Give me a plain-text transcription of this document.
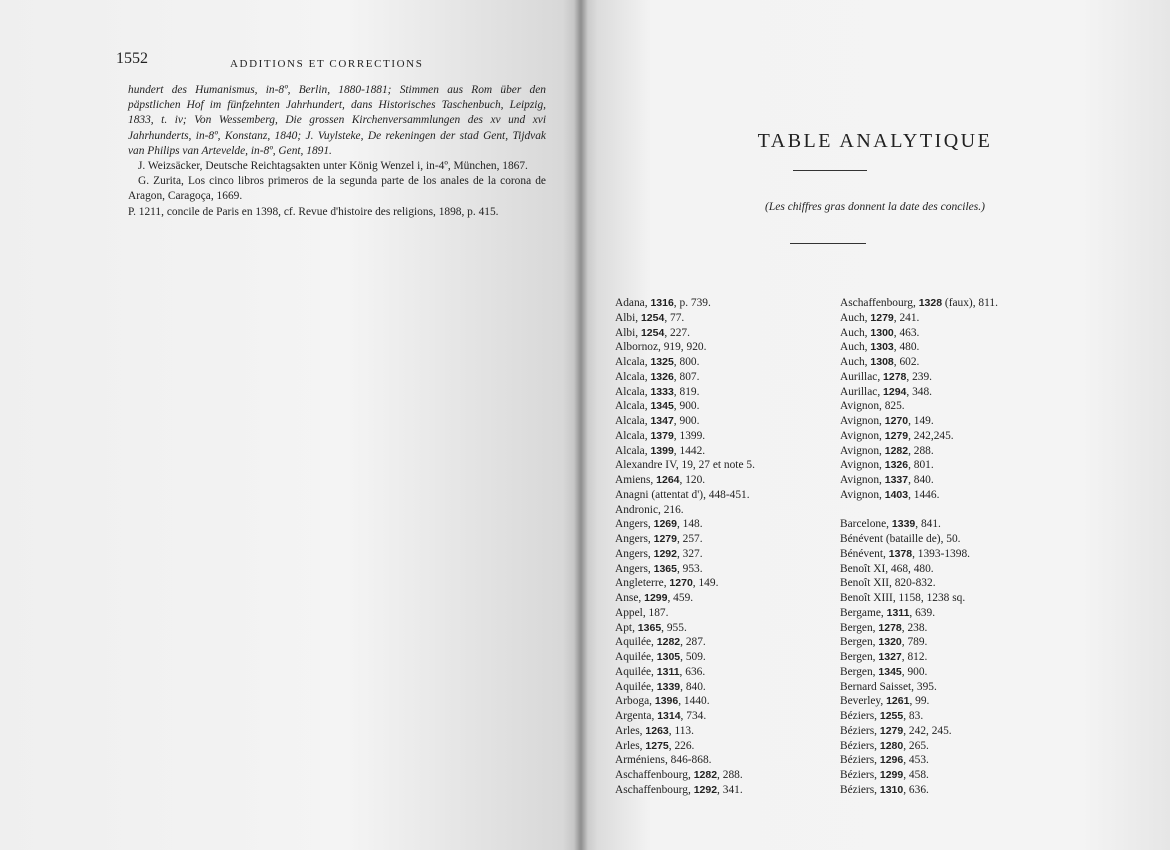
1552	ADDITIONS ET CORRECTIONS

hundert des Humanismus, in-8º, Berlin, 1880-1881; Stimmen aus Rom über den päpstlichen Hof im fünfzehnten Jahrhundert, dans Historisches Taschenbuch, Leipzig, 1833, t. iv; Von Wessemberg, Die grossen Kirchenversammlungen des xv und xvi Jahrhunderts, in-8º, Konstanz, 1840; J. Vuylsteke, De rekeningen der stad Gent, Tijdvak van Philips van Artevelde, in-8º, Gent, 1891.

J. Weizsäcker, Deutsche Reichtagsakten unter König Wenzel i, in-4º, München, 1867.

G. Zurita, Los cinco libros primeros de la segunda parte de los anales de la corona de Aragon, Caragoça, 1669.

P. 1211, concile de Paris en 1398, cf. Revue d'histoire des religions, 1898, p. 415.

TABLE ANALYTIQUE
(Les chiffres gras donnent la date des conciles.)
Adana, 1316, p. 739.
Albi, 1254, 77.
Albi, 1254, 227.
Albornoz, 919, 920.
Alcala, 1325, 800.
Alcala, 1326, 807.
Alcala, 1333, 819.
Alcala, 1345, 900.
Alcala, 1347, 900.
Alcala, 1379, 1399.
Alcala, 1399, 1442.
Alexandre IV, 19, 27 et note 5.
Amiens, 1264, 120.
Anagni (attentat d'), 448-451.
Andronic, 216.
Angers, 1269, 148.
Angers, 1279, 257.
Angers, 1292, 327.
Angers, 1365, 953.
Angleterre, 1270, 149.
Anse, 1299, 459.
Appel, 187.
Apt, 1365, 955.
Aquilée, 1282, 287.
Aquilée, 1305, 509.
Aquilée, 1311, 636.
Aquilée, 1339, 840.
Arboga, 1396, 1440.
Argenta, 1314, 734.
Arles, 1263, 113.
Arles, 1275, 226.
Arméniens, 846-868.
Aschaffenbourg, 1282, 288.
Aschaffenbourg, 1292, 341.
Aschaffenbourg, 1328 (faux), 811.
Auch, 1279, 241.
Auch, 1300, 463.
Auch, 1303, 480.
Auch, 1308, 602.
Aurillac, 1278, 239.
Aurillac, 1294, 348.
Avignon, 825.
Avignon, 1270, 149.
Avignon, 1279, 242,245.
Avignon, 1282, 288.
Avignon, 1326, 801.
Avignon, 1337, 840.
Avignon, 1403, 1446.
Barcelone, 1339, 841.
Bénévent (bataille de), 50.
Bénévent, 1378, 1393-1398.
Benoît XI, 468, 480.
Benoît XII, 820-832.
Benoît XIII, 1158, 1238 sq.
Bergame, 1311, 639.
Bergen, 1278, 238.
Bergen, 1320, 789.
Bergen, 1327, 812.
Bergen, 1345, 900.
Bernard Saisset, 395.
Beverley, 1261, 99.
Béziers, 1255, 83.
Béziers, 1279, 242, 245.
Béziers, 1280, 265.
Béziers, 1296, 453.
Béziers, 1299, 458.
Béziers, 1310, 636.
